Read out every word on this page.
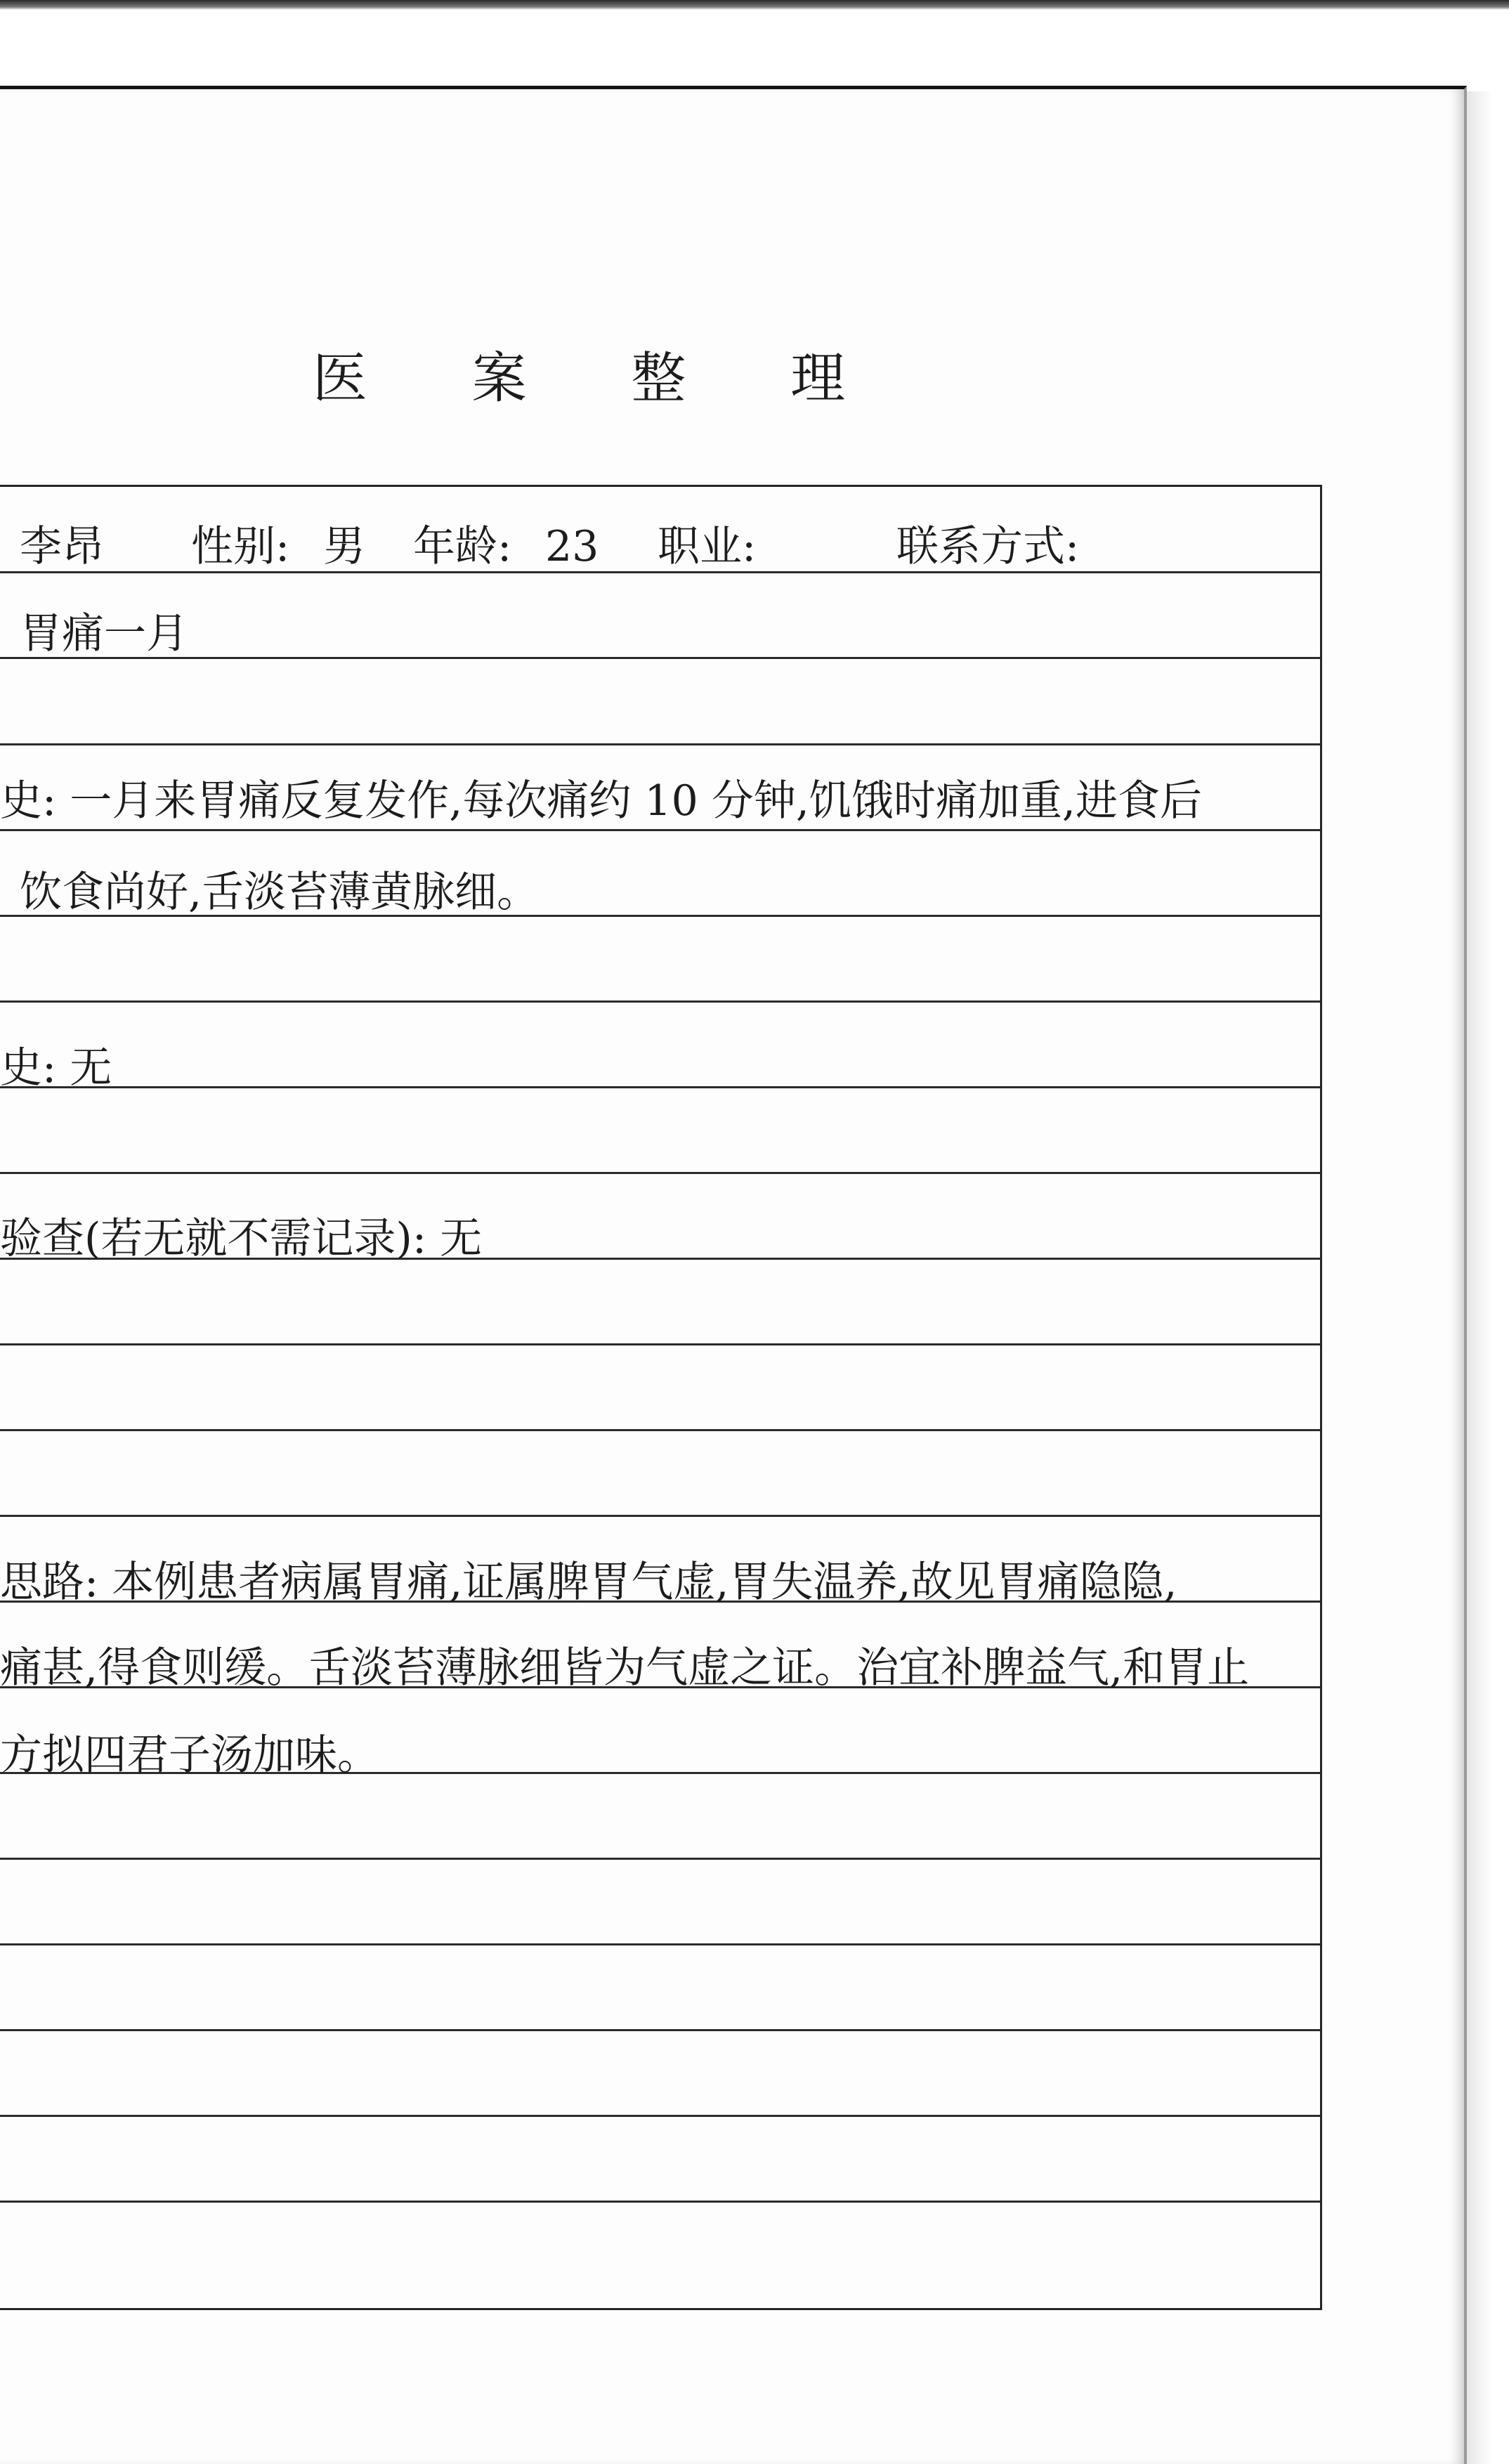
医 案 整 理
李昂 性别: 男 年龄: 23 职业:	联系方式:
胃痛一月
史: 一月来胃痛反复发作,每次痛约 10 分钟,饥饿时痛加重,进食后
饮食尚好,舌淡苔薄黄脉细。
史: 无
验查(若无就不需记录): 无
思路: 本例患者病属胃痛,证属脾胃气虚,胃失温养,故见胃痛隐隐,
痛甚,得食则缓。舌淡苔薄脉细皆为气虚之证。治宜补脾益气,和胃止
方拟四君子汤加味。
